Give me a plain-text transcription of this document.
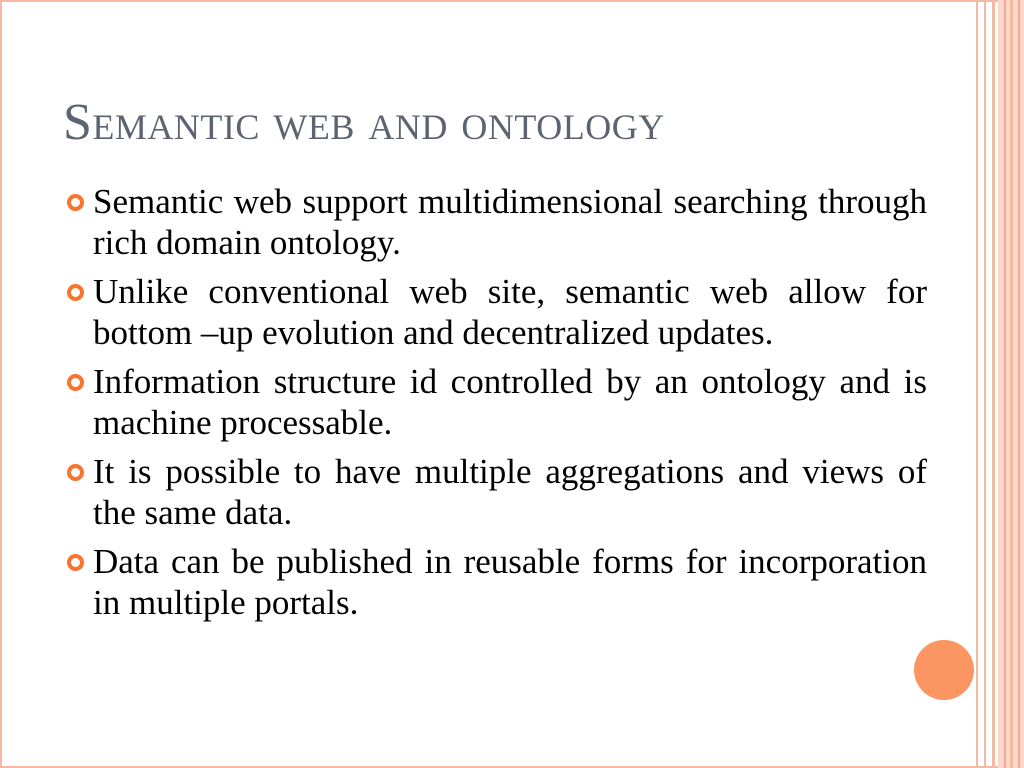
Semantic web and ontology
Semantic web support multidimensional searching through rich domain ontology.
Unlike conventional web site, semantic web allow for bottom –up evolution and decentralized updates.
Information structure id controlled by an ontology and is machine processable.
It is possible to have multiple aggregations and views of the same data.
Data can be published in reusable forms for incorporation in multiple portals.
